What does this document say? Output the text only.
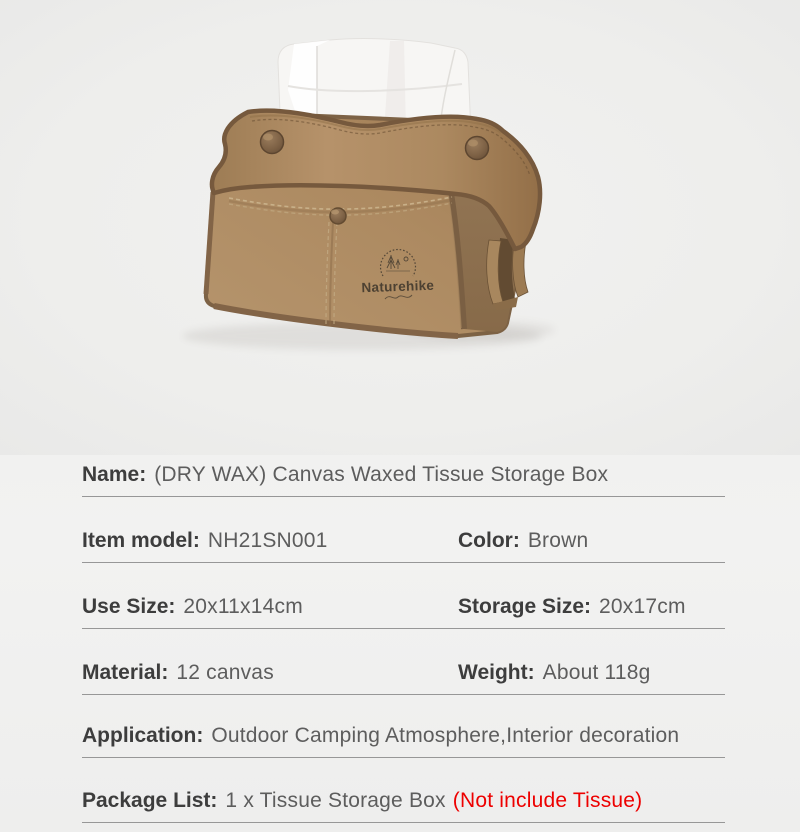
Naturehike
Name: (DRY WAX) Canvas Waxed Tissue Storage Box
Item model: NH21SN001	Color: Brown
Use Size: 20x11x14cm	Storage Size: 20x17cm
Material: 12 canvas	Weight: About 118g
Application: Outdoor Camping Atmosphere,Interior decoration
Package List: 1 x Tissue Storage Box (Not include Tissue)
